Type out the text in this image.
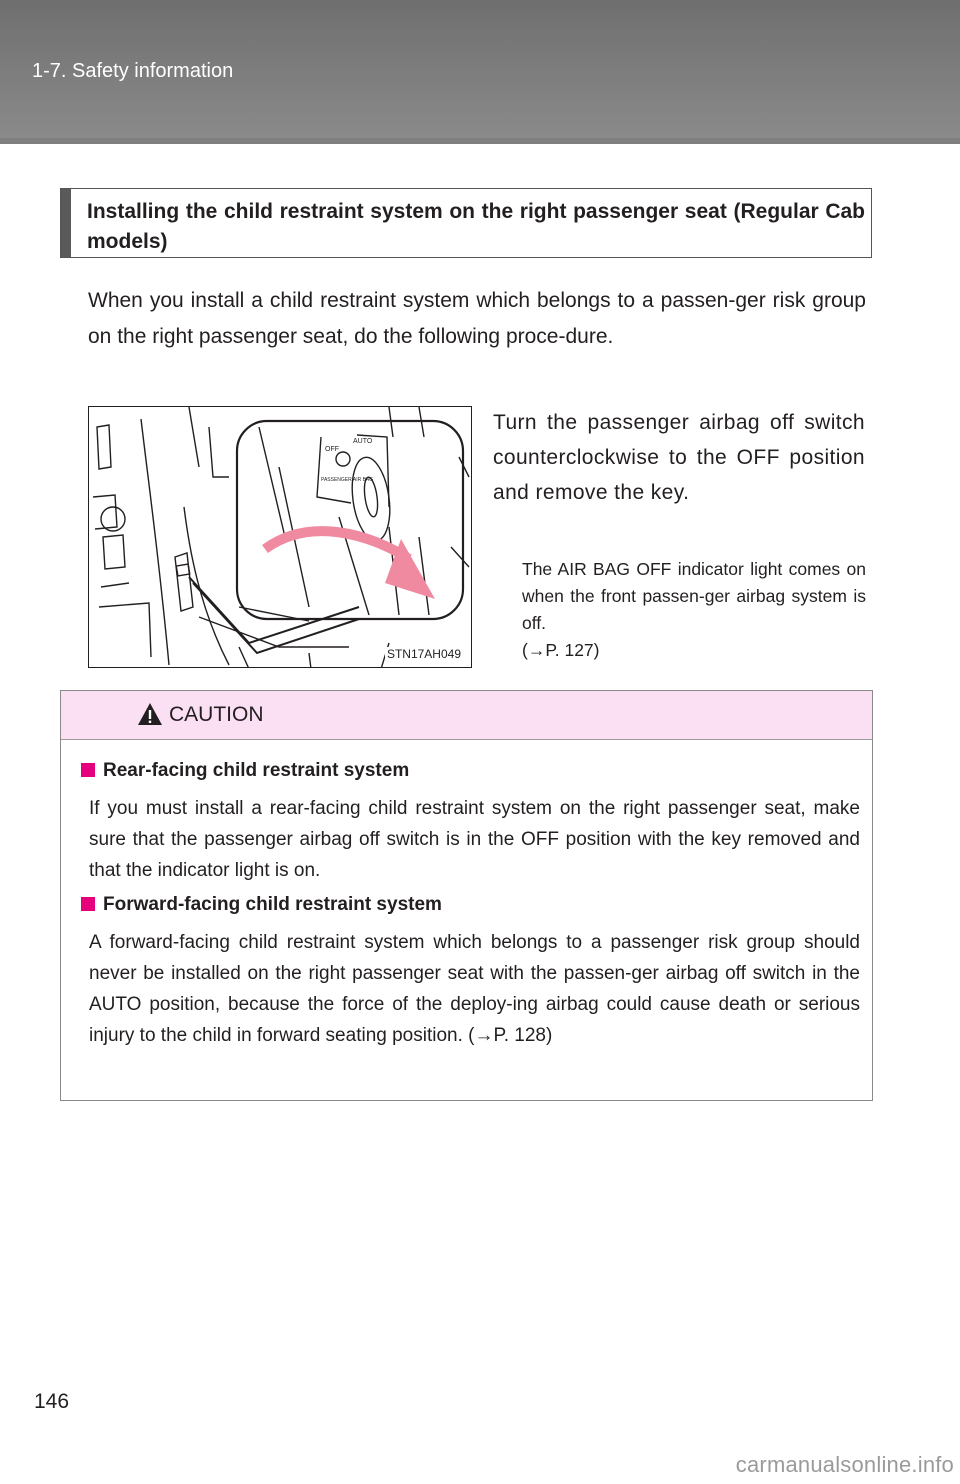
1-7. Safety information
Installing the child restraint system on the right passenger seat (Regular Cab models)
When you install a child restraint system which belongs to a passen-ger risk group on the right passenger seat, do the following proce-dure.
OFF
AUTO
PASSENGER AIR BAG
STN17AH049
Turn the passenger airbag off switch counterclockwise to the OFF position and remove the key.
The AIR BAG OFF indicator light comes on when the front passen-ger airbag system is off.
(→P. 127)
CAUTION
Rear-facing child restraint system
If you must install a rear-facing child restraint system on the right passenger seat, make sure that the passenger airbag off switch is in the OFF position with the key removed and that the indicator light is on.
Forward-facing child restraint system
A forward-facing child restraint system which belongs to a passenger risk group should never be installed on the right passenger seat with the passen-ger airbag off switch in the AUTO position, because the force of the deploy-ing airbag could cause death or serious injury to the child in forward seating position. (→P. 128)
146
carmanualsonline.info
